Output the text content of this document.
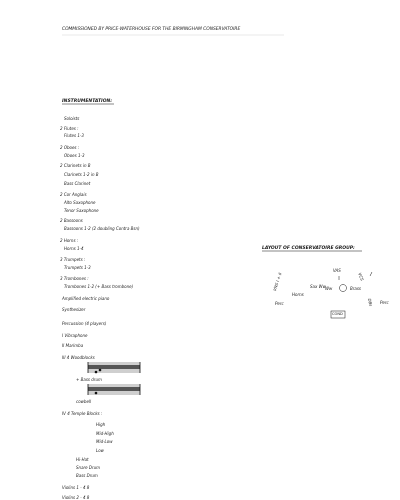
COMMISSIONED BY PRICE-WATERHOUSE FOR THE BIRMINGHAM CONSERVATOIRE
INSTRUMENTATION:
Soloists
2 Flutes :
Flutes 1-3
2 Oboes :
Oboes 1-3
2 Clarinets in B
Clarinets 1-2 in B
Bass Clarinet
2 Cor Anglais
Alto Saxophone
Tenor Saxophone
2 Bassoons
Bassoons 1-2 (2 doubling Contra Bsn)
2 Horns :
Horns 1-4
3 Trumpets :
Trumpets 1-3
3 Trombones :
Trombones 1-2 (+ Bass trombone)
Amplified electric piano
Synthesizer
Percussion (4 players)
I Vibraphone
II Marimba
III 4 Woodblocks
+ Bass drum
cowbell
IV 4 Temple Blocks :
High
Mid-High
Mid-Low
Low
Hi-Hat
Snare Drum
Bass Drum
Violins 1 - 4 8
Violins 2 - 4 8
LAYOUT OF CONSERVATOIRE GROUP:
VNS I + II
VAS
VCS
DBs
Perc
Horns
Sax Ww Ww	Brass
Perc
COND
